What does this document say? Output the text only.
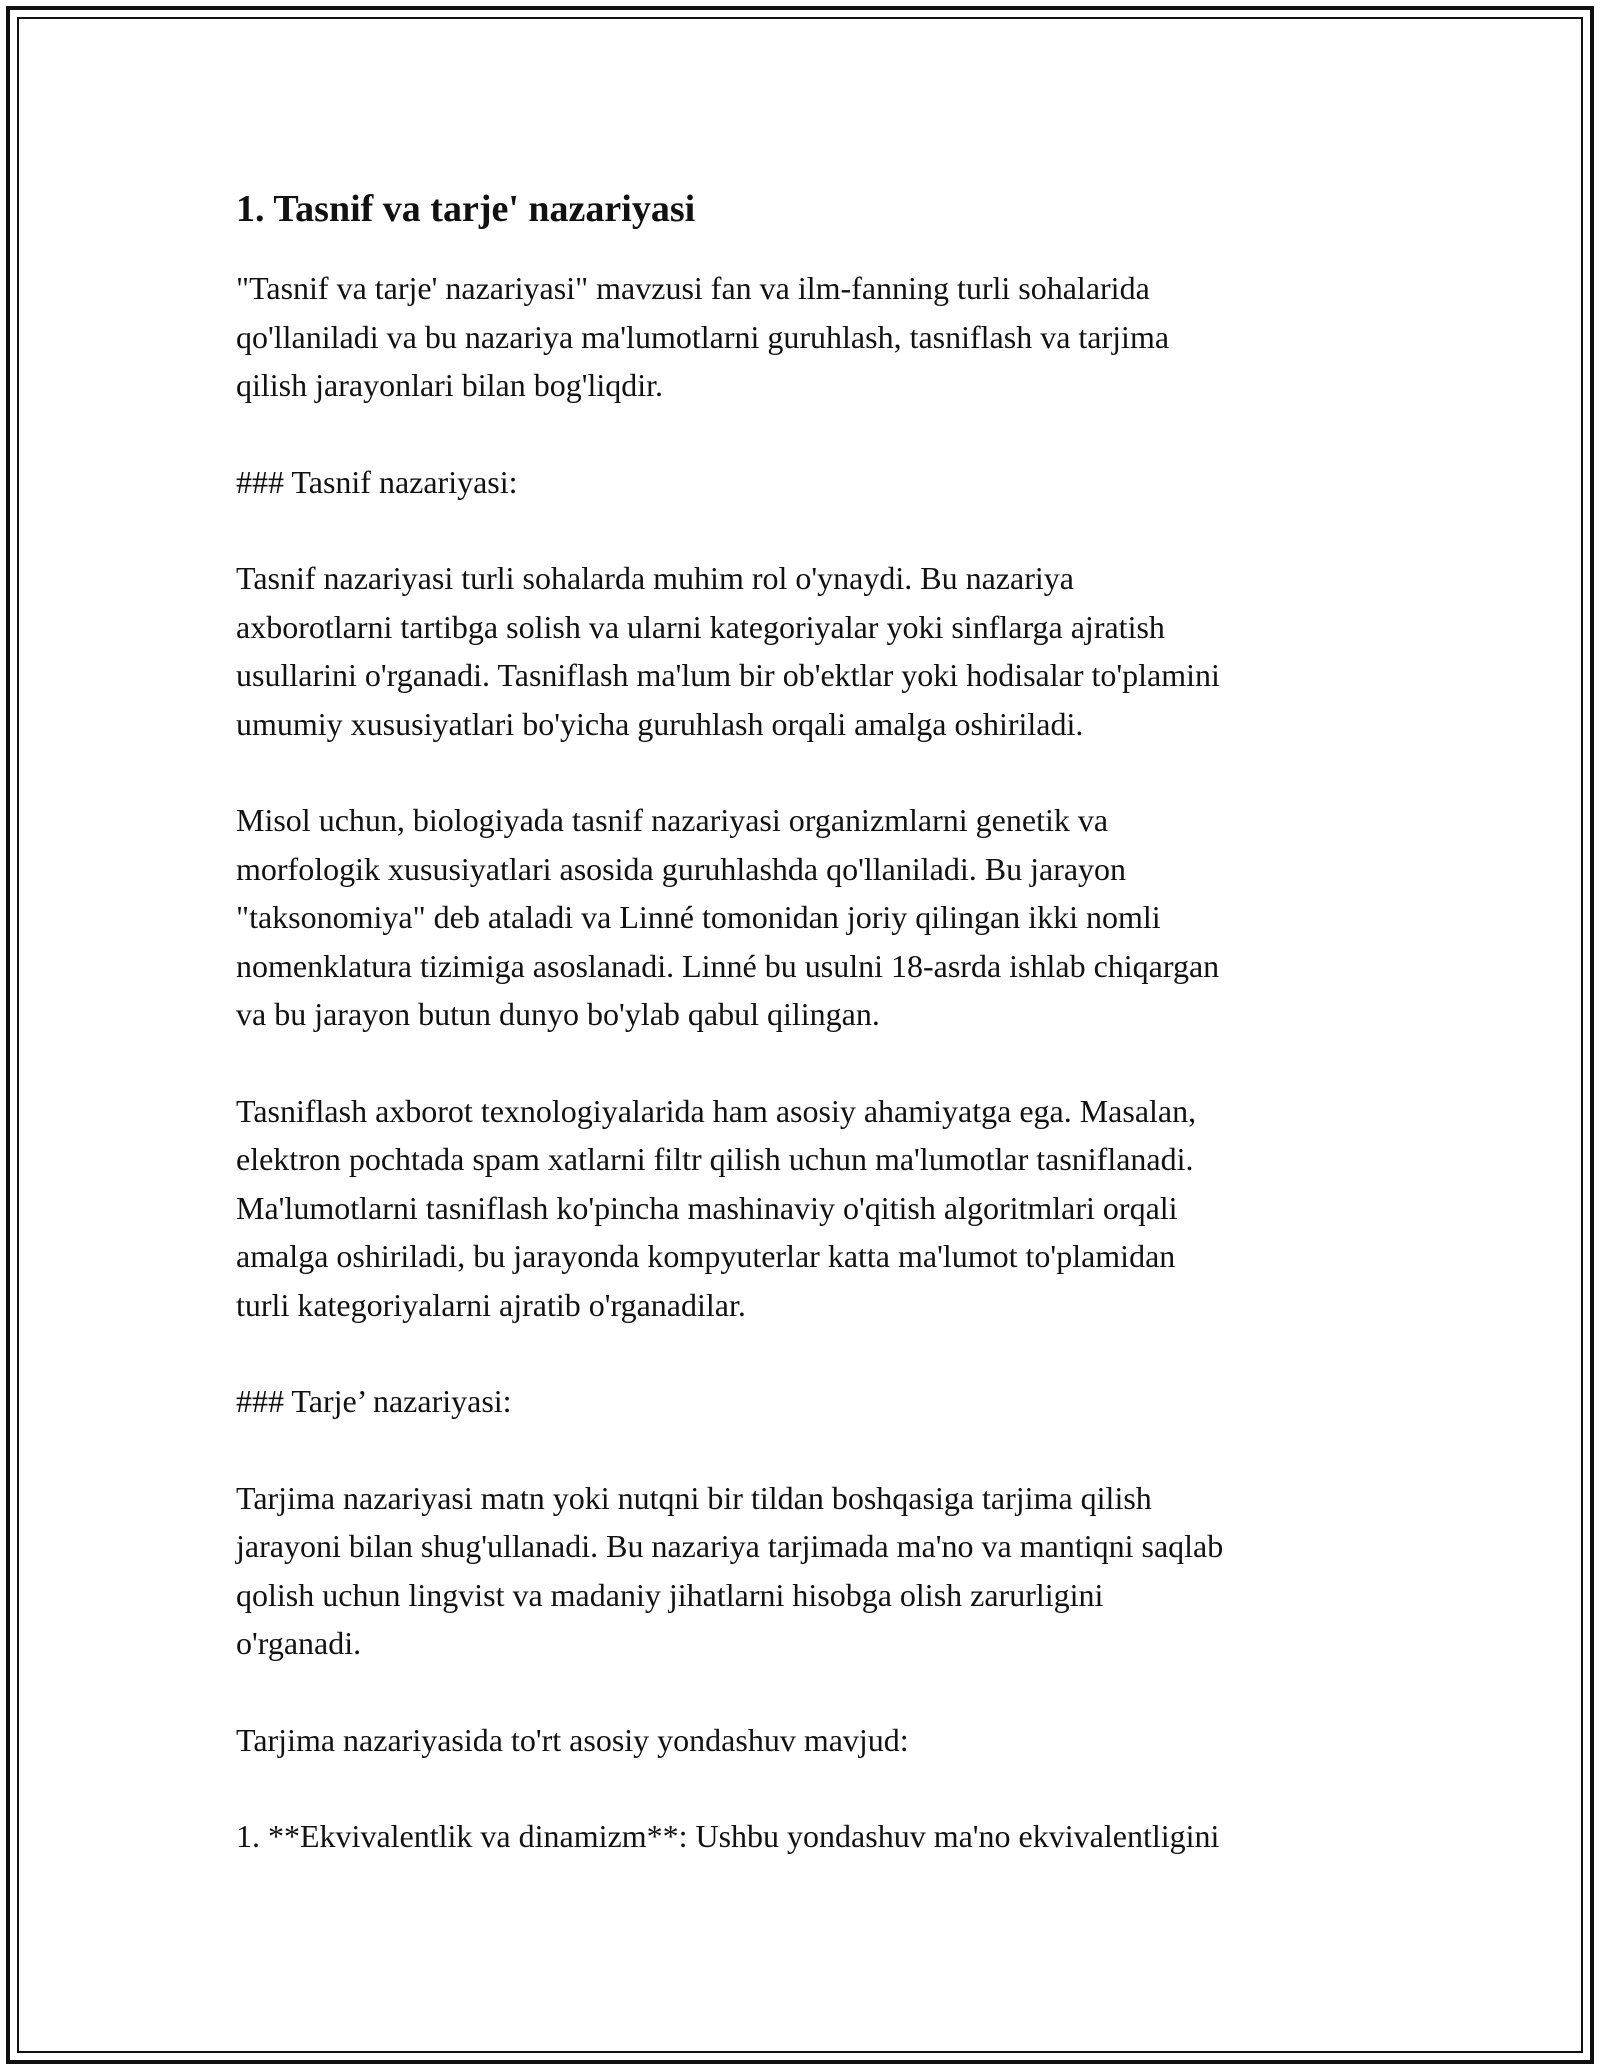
1. Tasnif va tarje' nazariyasi

"Tasnif va tarje' nazariyasi" mavzusi fan va ilm-fanning turli sohalarida
qo'llaniladi va bu nazariya ma'lumotlarni guruhlash, tasniflash va tarjima
qilish jarayonlari bilan bog'liqdir.

### Tasnif nazariyasi:

Tasnif nazariyasi turli sohalarda muhim rol o'ynaydi. Bu nazariya
axborotlarni tartibga solish va ularni kategoriyalar yoki sinflarga ajratish
usullarini o'rganadi. Tasniflash ma'lum bir ob'ektlar yoki hodisalar to'plamini
umumiy xususiyatlari bo'yicha guruhlash orqali amalga oshiriladi.

Misol uchun, biologiyada tasnif nazariyasi organizmlarni genetik va
morfologik xususiyatlari asosida guruhlashda qo'llaniladi. Bu jarayon
"taksonomiya" deb ataladi va Linné tomonidan joriy qilingan ikki nomli
nomenklatura tizimiga asoslanadi. Linné bu usulni 18-asrda ishlab chiqargan
va bu jarayon butun dunyo bo'ylab qabul qilingan.

Tasniflash axborot texnologiyalarida ham asosiy ahamiyatga ega. Masalan,
elektron pochtada spam xatlarni filtr qilish uchun ma'lumotlar tasniflanadi.
Ma'lumotlarni tasniflash ko'pincha mashinaviy o'qitish algoritmlari orqali
amalga oshiriladi, bu jarayonda kompyuterlar katta ma'lumot to'plamidan
turli kategoriyalarni ajratib o'rganadilar.

### Tarje’ nazariyasi:

Tarjima nazariyasi matn yoki nutqni bir tildan boshqasiga tarjima qilish
jarayoni bilan shug'ullanadi. Bu nazariya tarjimada ma'no va mantiqni saqlab
qolish uchun lingvist va madaniy jihatlarni hisobga olish zarurligini
o'rganadi.

Tarjima nazariyasida to'rt asosiy yondashuv mavjud:

1. **Ekvivalentlik va dinamizm**: Ushbu yondashuv ma'no ekvivalentligini
